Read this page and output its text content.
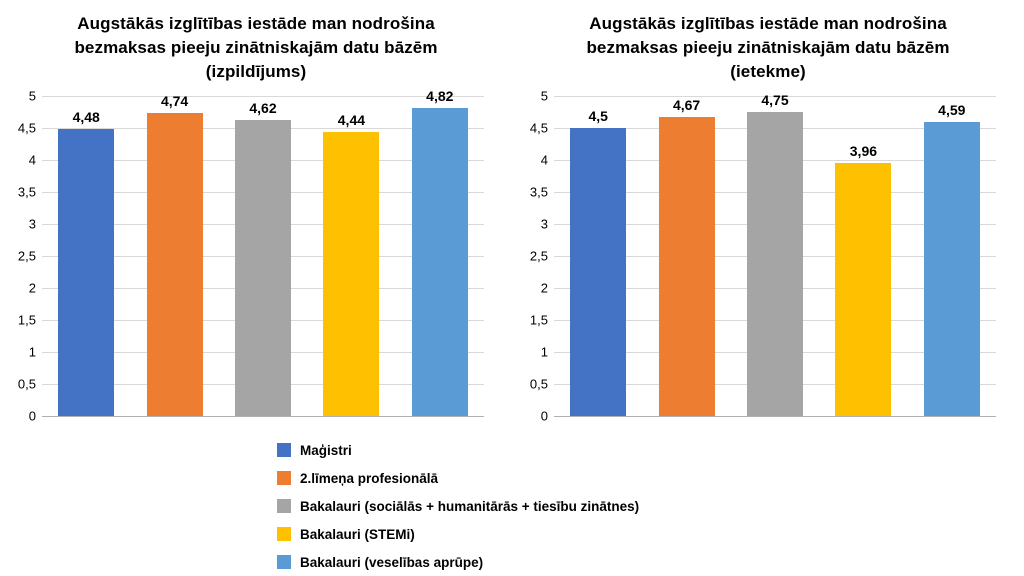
Augstākās izglītības iestāde man nodrošina bezmaksas pieeju zinātniskajām datu bāzēm (izpildījums)
0
0,5
1
1,5
2
2,5
3
3,5
4
4,5
5
4,48
4,74	4,62
4,44
4,82
Augstākās izglītības iestāde man nodrošina bezmaksas pieeju zinātniskajām datu bāzēm (ietekme)
0
0,5
1
1,5
2
2,5
3
3,5
4
4,5
5
4,5
4,67	4,75
3,96
4,59
Maģistri
2.līmeņa profesionālā
Bakalauri (sociālās + humanitārās + tiesību zinātnes)
Bakalauri (STEMi)
Bakalauri (veselības aprūpe)
